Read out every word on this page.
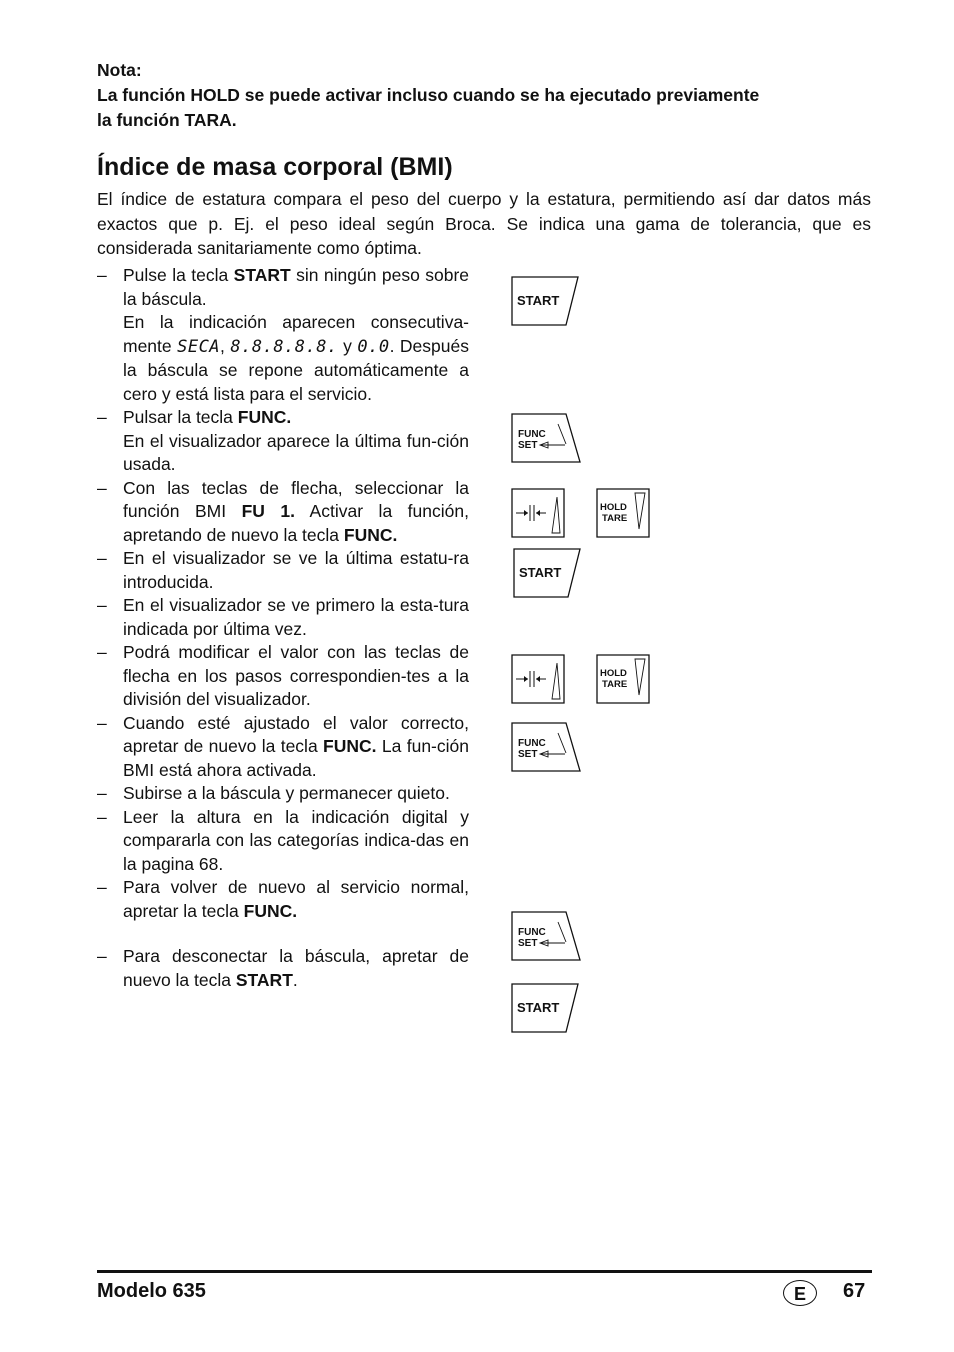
Nota:
La función HOLD se puede activar incluso cuando se ha ejecutado previamente
la función TARA.
Índice de masa corporal (BMI)

El índice de estatura compara el peso del cuerpo y la estatura, permitiendo así dar datos más exactos que p. Ej. el peso ideal según Broca. Se indica una gama de tolerancia, que es considerada sanitariamente como óptima.

– Pulse la tecla START sin ningún peso sobre la báscula.

En la indicación aparecen consecutiva-mente SECA, 8.8.8.8.8. y 0.0. Después la báscula se repone automáticamente a cero y está lista para el servicio.

– Pulsar la tecla FUNC.

En el visualizador aparece la última fun-ción usada.

– Con las teclas de flecha, seleccionar la función BMI FU 1. Activar la función, apretando de nuevo la tecla FUNC.

– En el visualizador se ve la última estatu-ra introducida.

– En el visualizador se ve primero la esta-tura indicada por última vez.

– Podrá modificar el valor con las teclas de flecha en los pasos correspondien-tes a la división del visualizador.

– Cuando esté ajustado el valor correcto, apretar de nuevo la tecla FUNC. La fun-ción BMI está ahora activada.

– Subirse a la báscula y permanecer quieto.

– Leer la altura en la indicación digital y compararla con las categorías indica-das en la pagina 68.

– Para volver de nuevo al servicio normal, apretar la tecla FUNC.

– Para desconectar la báscula, apretar de nuevo la tecla START.

START
FUNC
SET
HOLD
TARE
START
HOLD
TARE
FUNC
SET
FUNC
SET
START
Modelo 635	E	67
